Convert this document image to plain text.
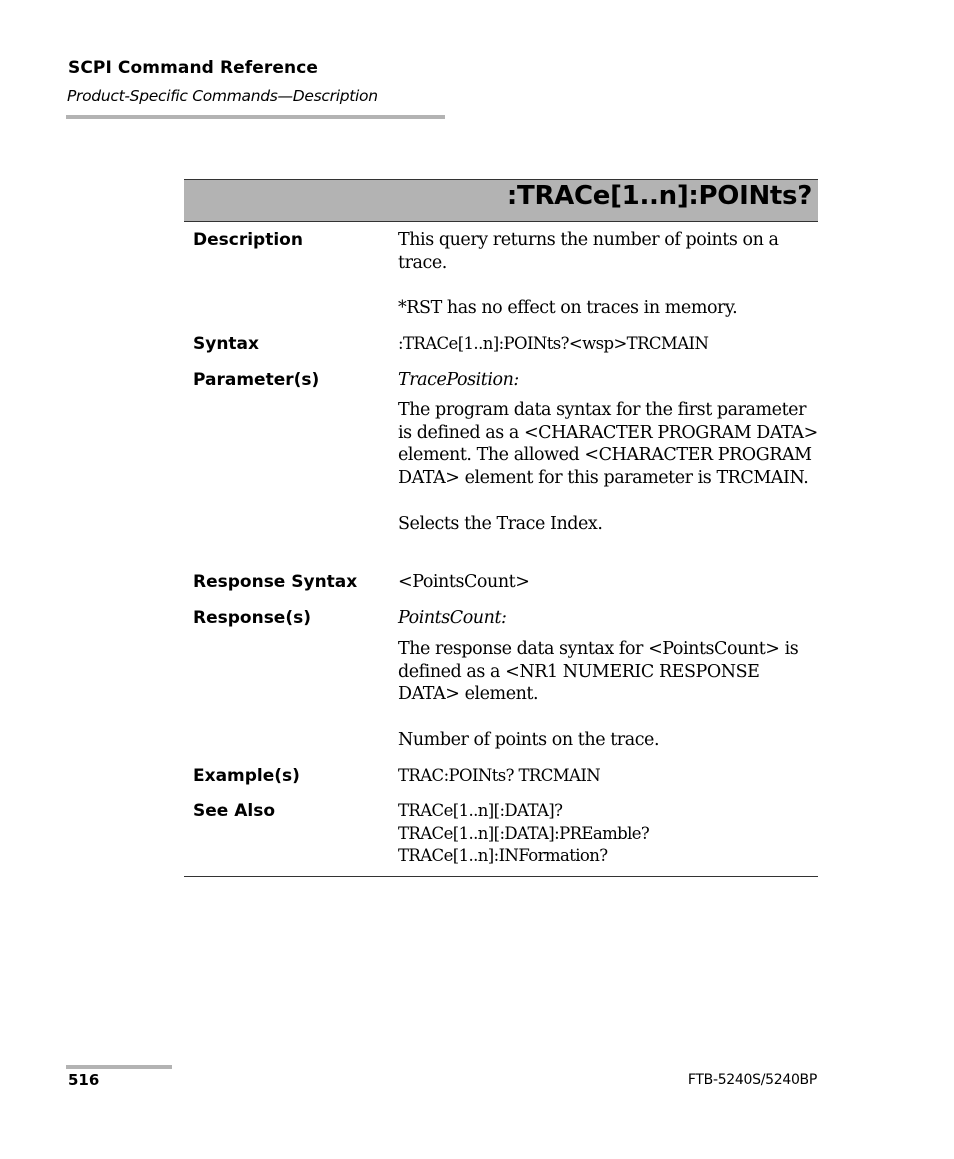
SCPI Command Reference
Product-Specific Commands—Description
:TRACe[1..n]:POINts?
Description	This query returns the number of points on a trace.

*RST has no effect on traces in memory.

Syntax	:TRACe[1..n]:POINts?<wsp>TRCMAIN
Parameter(s)	TracePosition:

The program data syntax for the first parameter is defined as a <CHARACTER PROGRAM DATA> element. The allowed <CHARACTER PROGRAM DATA> element for this parameter is TRCMAIN.

Selects the Trace Index.

Response Syntax <PointsCount>
Response(s)	PointsCount:

The response data syntax for <PointsCount> is defined as a <NR1 NUMERIC RESPONSE DATA> element.

Number of points on the trace.

Example(s)	TRAC:POINts? TRCMAIN
See Also	TRACe[1..n][:DATA]?
TRACe[1..n][:DATA]:PREamble?
TRACe[1..n]:INFormation?
516	FTB-5240S/5240BP
